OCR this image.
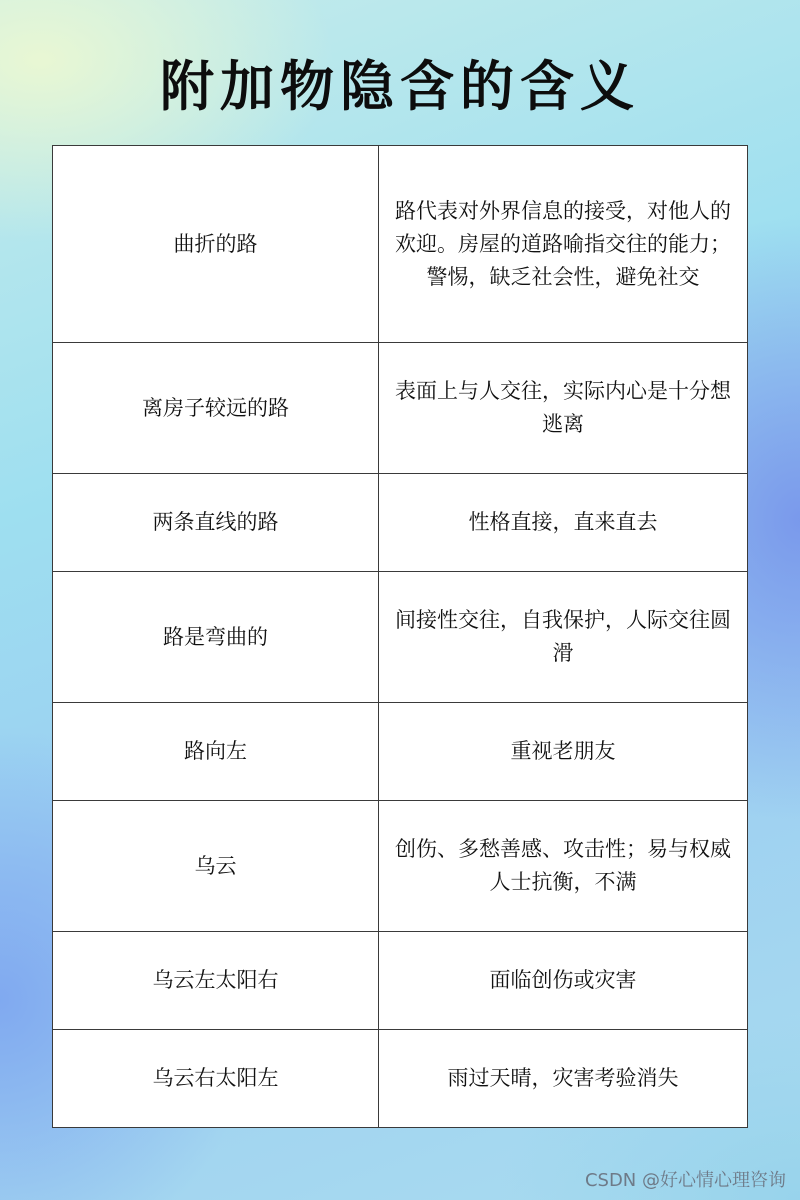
附加物隐含的含义
曲折的路	路代表对外界信息的接受，对他人的欢迎。房屋的道路喻指交往的能力；警惕，缺乏社会性，避免社交
离房子较远的路	表面上与人交往，实际内心是十分想逃离
两条直线的路	性格直接，直来直去
路是弯曲的	间接性交往，自我保护，人际交往圆滑
路向左	重视老朋友
乌云	创伤、多愁善感、攻击性；易与权威人士抗衡，不满
乌云左太阳右	面临创伤或灾害
乌云右太阳左	雨过天晴，灾害考验消失
CSDN @好心情心理咨询
